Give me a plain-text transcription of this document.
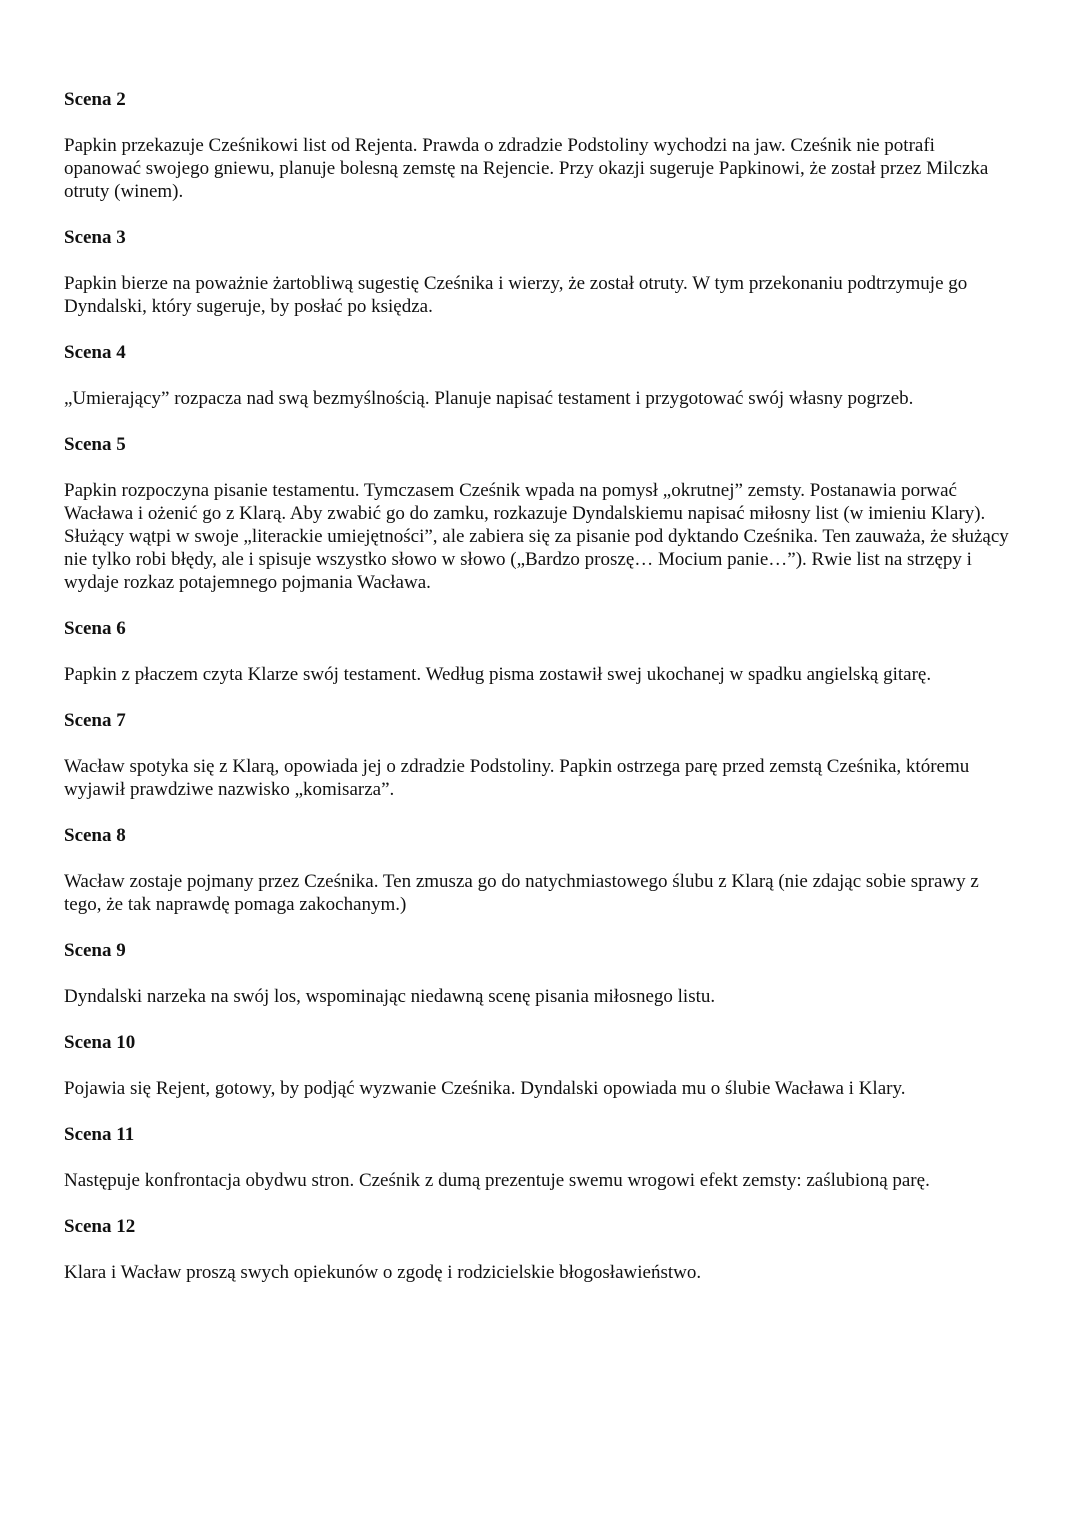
Scena 2

Papkin przekazuje Cześnikowi list od Rejenta. Prawda o zdradzie Podstoliny wychodzi na jaw. Cześnik nie potrafi opanować swojego gniewu, planuje bolesną zemstę na Rejencie. Przy okazji sugeruje Papkinowi, że został przez Milczka otruty (winem).

Scena 3

Papkin bierze na poważnie żartobliwą sugestię Cześnika i wierzy, że został otruty. W tym przekonaniu podtrzymuje go Dyndalski, który sugeruje, by posłać po księdza.

Scena 4

„Umierający” rozpacza nad swą bezmyślnością. Planuje napisać testament i przygotować swój własny pogrzeb.

Scena 5

Papkin rozpoczyna pisanie testamentu. Tymczasem Cześnik wpada na pomysł „okrutnej” zemsty. Postanawia porwać Wacława i ożenić go z Klarą. Aby zwabić go do zamku, rozkazuje Dyndalskiemu napisać miłosny list (w imieniu Klary). Służący wątpi w swoje „literackie umiejętności”, ale zabiera się za pisanie pod dyktando Cześnika. Ten zauważa, że służący nie tylko robi błędy, ale i spisuje wszystko słowo w słowo („Bardzo proszę… Mocium panie…”). Rwie list na strzępy i wydaje rozkaz potajemnego pojmania Wacława.

Scena 6

Papkin z płaczem czyta Klarze swój testament. Według pisma zostawił swej ukochanej w spadku angielską gitarę.

Scena 7

Wacław spotyka się z Klarą, opowiada jej o zdradzie Podstoliny. Papkin ostrzega parę przed zemstą Cześnika, któremu wyjawił prawdziwe nazwisko „komisarza”.

Scena 8

Wacław zostaje pojmany przez Cześnika. Ten zmusza go do natychmiastowego ślubu z Klarą (nie zdając sobie sprawy z tego, że tak naprawdę pomaga zakochanym.)

Scena 9

Dyndalski narzeka na swój los, wspominając niedawną scenę pisania miłosnego listu.

Scena 10

Pojawia się Rejent, gotowy, by podjąć wyzwanie Cześnika. Dyndalski opowiada mu o ślubie Wacława i Klary.

Scena 11

Następuje konfrontacja obydwu stron. Cześnik z dumą prezentuje swemu wrogowi efekt zemsty: zaślubioną parę.

Scena 12

Klara i Wacław proszą swych opiekunów o zgodę i rodzicielskie błogosławieństwo.
